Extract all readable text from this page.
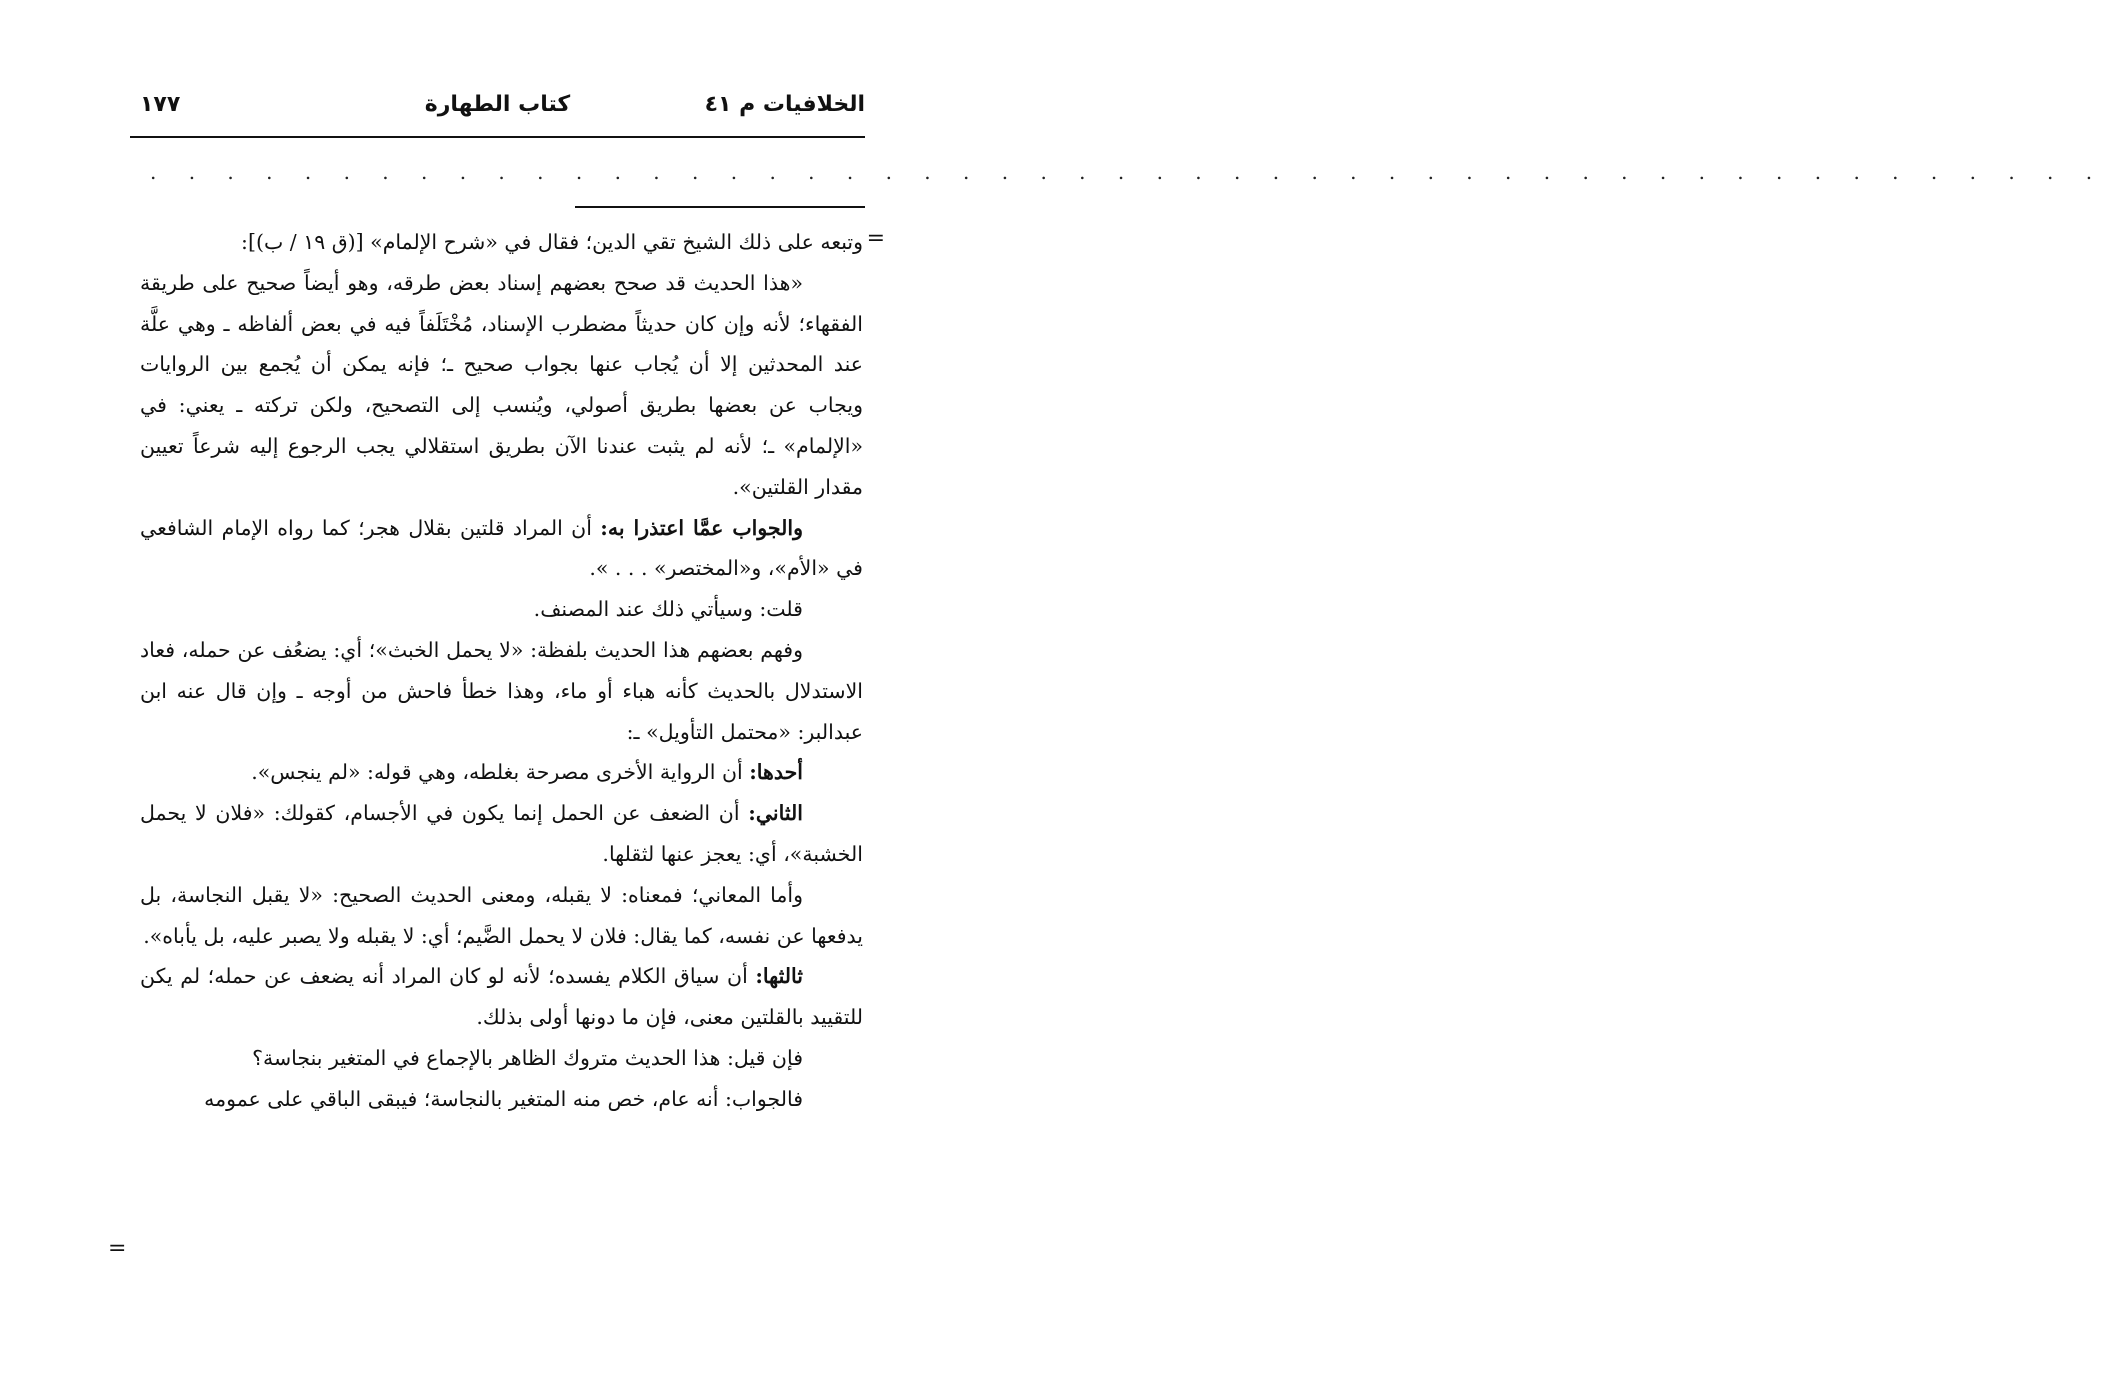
الخلافيات م ٤١
كتاب الطهارة
١٧٧
. . . . . . . . . . . . . . . . . . . . . . . . . . . . . . . . . . . . . . . . . . . . . . . . . . .
=

وتبعه على ذلك الشيخ تقي الدين؛ فقال في «شرح الإلمام» [(ق ١٩ / ب)]:

«هذا الحديث قد صحح بعضهم إسناد بعض طرقه، وهو أيضاً صحيح على طريقة الفقهاء؛ لأنه وإن كان حديثاً مضطرب الإسناد، مُخْتَلَفاً فيه في بعض ألفاظه ـ وهي علَّة عند المحدثين إلا أن يُجاب عنها بجواب صحيح ـ؛ فإنه يمكن أن يُجمع بين الروايات ويجاب عن بعضها بطريق أصولي، ويُنسب إلى التصحيح، ولكن تركته ـ يعني: في «الإلمام» ـ؛ لأنه لم يثبت عندنا الآن بطريق استقلالي يجب الرجوع إليه شرعاً تعيين مقدار القلتين».

والجواب عمَّا اعتذرا به: أن المراد قلتين بقلال هجر؛ كما رواه الإمام الشافعي في «الأم»، و«المختصر» . . . ».

قلت: وسيأتي ذلك عند المصنف.

وفهم بعضهم هذا الحديث بلفظة: «لا يحمل الخبث»؛ أي: يضعُف عن حمله، فعاد الاستدلال بالحديث كأنه هباء أو ماء، وهذا خطأ فاحش من أوجه ـ وإن قال عنه ابن عبدالبر: «محتمل التأويل» ـ:

أحدها: أن الرواية الأخرى مصرحة بغلطه، وهي قوله: «لم ينجس».

الثاني: أن الضعف عن الحمل إنما يكون في الأجسام، كقولك: «فلان لا يحمل الخشبة»، أي: يعجز عنها لثقلها.

وأما المعاني؛ فمعناه: لا يقبله، ومعنى الحديث الصحيح: «لا يقبل النجاسة، بل يدفعها عن نفسه، كما يقال: فلان لا يحمل الضَّيم؛ أي: لا يقبله ولا يصبر عليه، بل يأباه».

ثالثها: أن سياق الكلام يفسده؛ لأنه لو كان المراد أنه يضعف عن حمله؛ لم يكن للتقييد بالقلتين معنى، فإن ما دونها أولى بذلك.

فإن قيل: هذا الحديث متروك الظاهر بالإجماع في المتغير بنجاسة؟

فالجواب: أنه عام، خص منه المتغير بالنجاسة؛ فيبقى الباقي على عمومه

=
